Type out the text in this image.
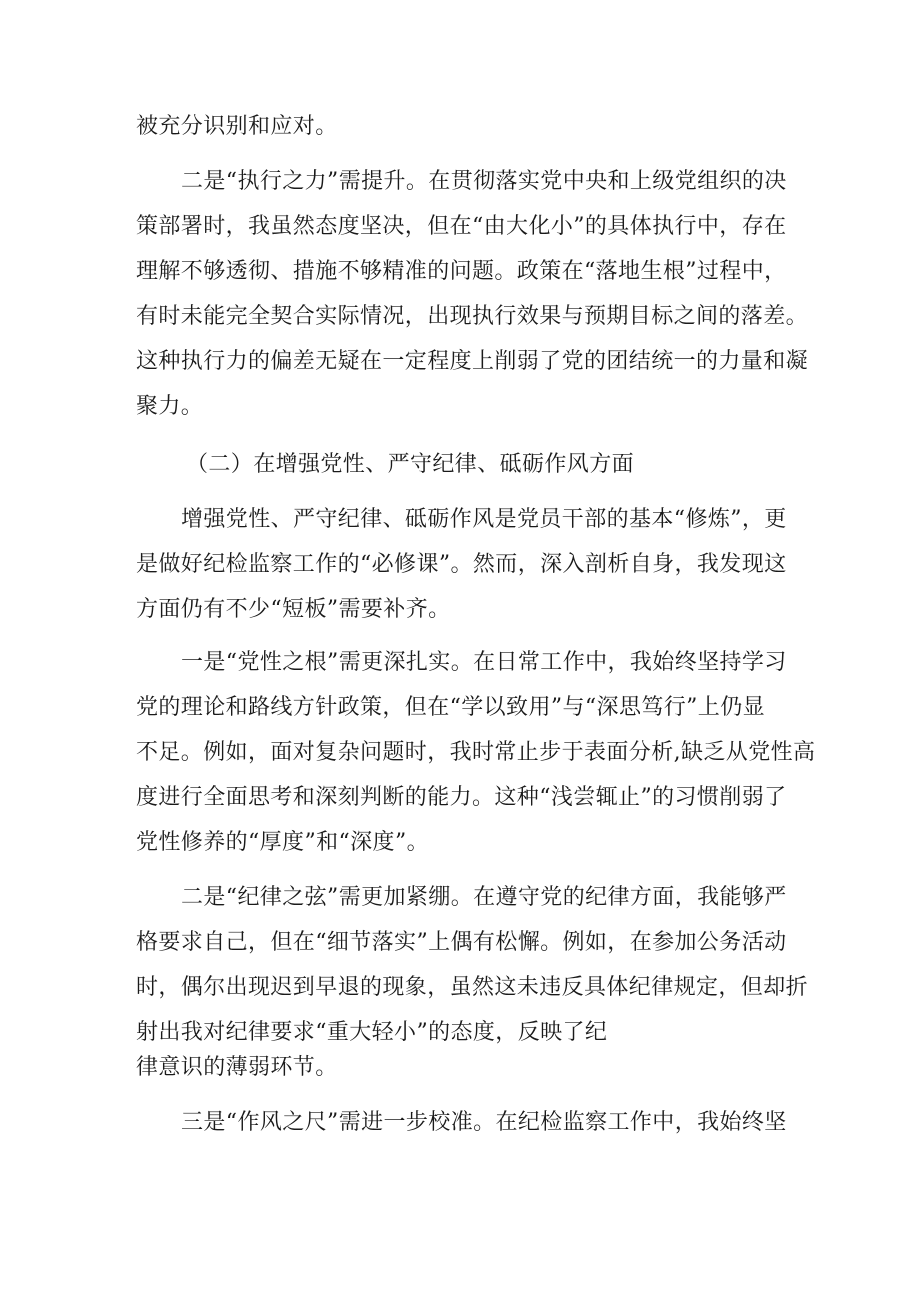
被充分识别和应对。
二是“执行之力”需提升。在贯彻落实党中央和上级党组织的决
策部署时，我虽然态度坚决，但在“由大化小”的具体执行中，存在
理解不够透彻、措施不够精准的问题。政策在“落地生根”过程中，
有时未能完全契合实际情况，出现执行效果与预期目标之间的落差。
这种执行力的偏差无疑在一定程度上削弱了党的团结统一的力量和凝
聚力。
（二）在增强党性、严守纪律、砥砺作风方面
增强党性、严守纪律、砥砺作风是党员干部的基本“修炼”，更
是做好纪检监察工作的“必修课”。然而，深入剖析自身，我发现这
方面仍有不少“短板”需要补齐。
一是“党性之根”需更深扎实。在日常工作中，我始终坚持学习
党的理论和路线方针政策，但在“学以致用”与“深思笃行”上仍显
不足。例如，面对复杂问题时，我时常止步于表面分析,缺乏从党性高
度进行全面思考和深刻判断的能力。这种“浅尝辄止”的习惯削弱了
党性修养的“厚度”和“深度”。
二是“纪律之弦”需更加紧绷。在遵守党的纪律方面，我能够严
格要求自己，但在“细节落实”上偶有松懈。例如，在参加公务活动
时，偶尔出现迟到早退的现象，虽然这未违反具体纪律规定，但却折
射出我对纪律要求“重大轻小”的态度，反映了纪
律意识的薄弱环节。
三是“作风之尺”需进一步校准。在纪检监察工作中，我始终坚
